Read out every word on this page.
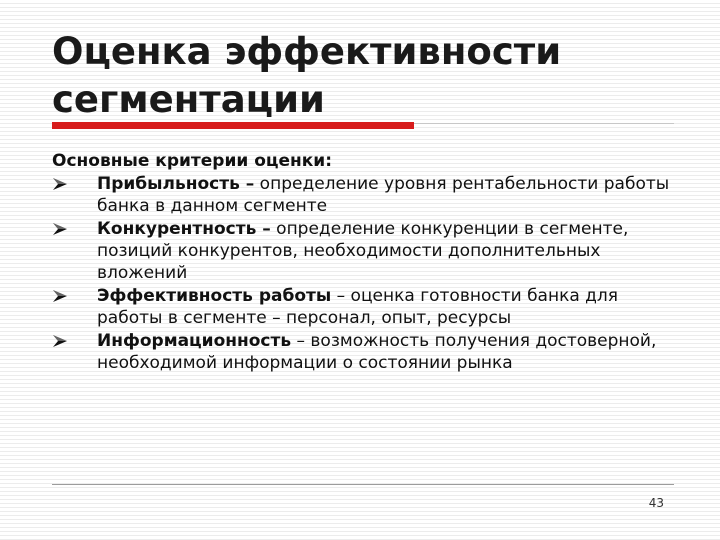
Оценка эффективности сегментации

Основные критерии оценки:

Прибыльность – определение уровня рентабельности работы банка в данном сегменте

Конкурентность – определение конкуренции в сегменте, позиций конкурентов, необходимости дополнительных вложений

Эффективность работы – оценка готовности банка для работы в сегменте – персонал, опыт, ресурсы

Информационность – возможность получения достоверной, необходимой информации о состоянии рынка

43
